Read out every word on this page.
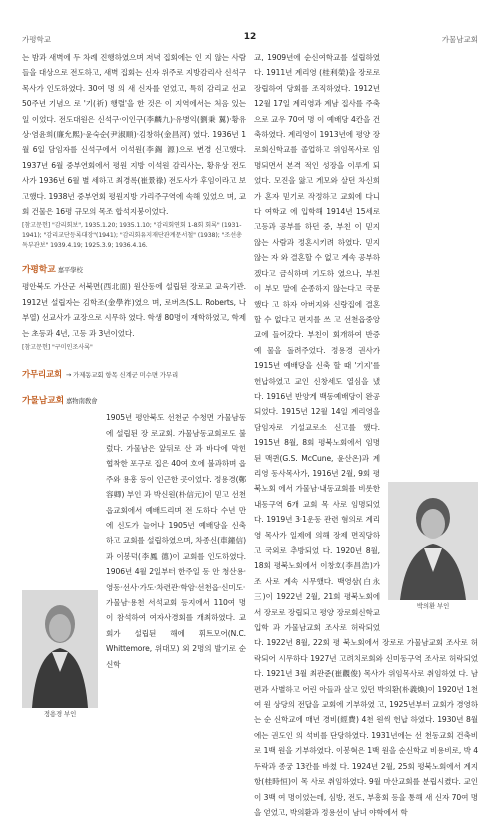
가평학교	12	가물남교회

는 밤과 새벽에 두 차례 진행하였으며 저녁 집회에는 인 지 않는 사람들을 대상으로 전도하고, 새벽 집회는 신자 위주로 지방감리사 신석구 목사가 인도하였다. 30여 명 의 새 신자를 얻었고, 특히 감리교 선교 50주년 기념으 로 '기(祈) 행렬'을 한 것은 이 지역에서는 처음 있는 일 이었다. 전도대원은 신석구·이인구(李麟九)·유병익(劉秉 翼)·황유상·염윤희(廉允熙)·윤숙순(尹淑順)·김창하(金昌河) 였다. 1936년 1월 6일 담임자를 신석구에서 이석원(李錫 源)으로 변경 신고했다. 1937년 6월 중부연회에서 평원 지방 이석원 감리사는, 황유상 전도사가 1936년 6월 별 세하고 최경록(崔景祿) 전도사가 후임이라고 보고했다. 1938년 중부연회 평원지방 가리주구역에 속해 있었으 며, 교회 건물은 16평 규모의 목조 합석지붕이었다.

[참고문헌] "감리회보", 1935.1.20; 1935.1.10; "감리회연회 1-8회 회록" (1931-1941); "감리교단등록대장"(1941); "감리회유지재단관계문서철" (1938); "조선총독부관보" 1939.4.19; 1925.3.9; 1936.4.16.
가평학교 嘉平學校

평안북도 가산군 서북면(西北面) 원산동에 설립된 장로교 교육기관. 1912년 설립자는 김학조(金學祚)였으 며, 로버츠(S.L. Roberts, 나부열) 선교사가 교장으로 시무하 였다. 학생 80명이 재학하였고, 학제는 초등과 4년, 고등 과 3년이었다.

[참고문헌] "구미인조사록"
가무리교회 → 가제동교회 항목 신계군 미수면 가무리
가물남교회 嘉物南敎會
정용경 부인

1905년 평안북도 선천군 수청면 가물남동에 설립된 장 로교회. 가물남동교회로도 불렀다. 가물남은 앞뒤로 산 과 바다에 막힌 협착한 포구로 집은 40여 호에 불과하며 읍주와 용흥 등이 인근한 곳이었다. 정용경(鄭容卿) 부인 과 박신원(朴信元)이 믿고 선천읍교회에서 예배드리며 전 도하다 수년 만에 신도가 늘어나 1905년 예배당을 신축 하고 교회를 설립하였으며, 차종신(車鐘信)과 이봉덕(李鳳 德)이 교회를 인도하였다. 1906년 4월 2일부터 한주일 동 안 청산용·영동·선사·가도·차련관·학암·선천읍·신미도·가물남·용천 서석교회 등지에서 110여 명이 참석하여 여자사경회를 개최하였다. 교회가 설립된 해에 휘트모어(N.C. Whittemore, 위대모) 외 2명의 발기로 순신학

박의환 부인

교, 1909년에 순신여학교를 설립하였다. 1911년 계리영 (桂利榮)을 장로로 장립하여 당회를 조직하였다. 1912년 12월 17일 계리영과 계남 집사를 주축으로 교우 70여 명 이 예배당 4칸을 건축하였다. 계리영이 1913년에 평양 장로회신학교를 졸업하고 위임목사로 임명되면서 본격 적인 성장을 이루게 되었다. 모진을 앓고 게모와 살던 차신희가 혼자 믿기로 작정하고 교회에 다니다 여학교 에 입학해 1914년 15세로 고등과 공부를 하던 중, 부친 이 믿지 않는 사람과 정혼시키려 하였다. 믿지 않는 자 와 결혼할 수 없고 계속 공부하겠다고 금식하며 기도하 였으나, 부친이 부모 말에 순종하지 않는다고 국문했다 고 하자 아버지와 신랑집에 결혼할 수 없다고 편지를 쓰 고 선천읍중앙교에 들어갔다. 부친이 회개하여 반증 예 물을 돌려주었다. 정용경 권사가 1915년 예배당을 신축 할 때 '기지'를 헌납하였고 교인 신창세도 열심을 냈다. 1916년 반양게 백동예배당이 완공되었다. 1915년 12월 14일 계리영을 담임자로 기설교로소 신고를 했다. 1915년 8월, 8회 평북노회에서 임명된 맥퀸(G.S. McCune, 윤산온)과 계리영 동사목사가, 1916년 2월, 9회 평북노회 에서 가물남·내동교회를 비롯한 내동구역 6개 교회 목 사로 임명되었다. 1919년 3·1운동 관련 혐의로 계리영 목사가 일제에 의해 장제 면직당하고 국외로 추방되었 다. 1920년 8월, 18회 평북노회에서 이창호(李昌浩)가 조 사로 계속 시무했다. 백영삼(白永三)이 1922년 2월, 21회 평북노회에서 장로로 장립되고 평양 장로회신학교 입학 과 가물남교회 조사로 허락되었다. 1922년 8월, 22회 평 북노회에서 장로로 가물남교회 조사로 허락되어 시무하다 1927년 고려치로회와 신미동구역 조사로 허락되었다. 1921년 3월 최관준(崔觀俊) 목사가 위임목사로 취임하였 다. 남편과 사별하고 어린 아들과 살고 있던 박의환(朴義煥)이 1920년 1천여 원 상당의 전답을 교회에 기부하였 고, 1925년부터 교회가 경영하는 순 신학교에 매년 경비(經費) 4천 원씩 헌납 하였다. 1930년 8월에는 권도인 의 석비를 단당하였다. 1931년에는 선 천동교회 건축비로 1백 원을 기부하였다. 이봉혁은 1백 원을 순신학교 비용비로, 박 4두락과 종궁 13칸를 바쳤 다. 1924년 2월, 25회 평북노회에서 계지항(桂時恒)이 목 사로 취임하였다. 9월 마산교회를 분립시켰다. 교인이 3백 여 명이었는데, 심방, 전도, 부흥회 등을 통해 새 신자 70여 명을 얻었고, 박의환과 정용선이 남녀 야학에서 학
